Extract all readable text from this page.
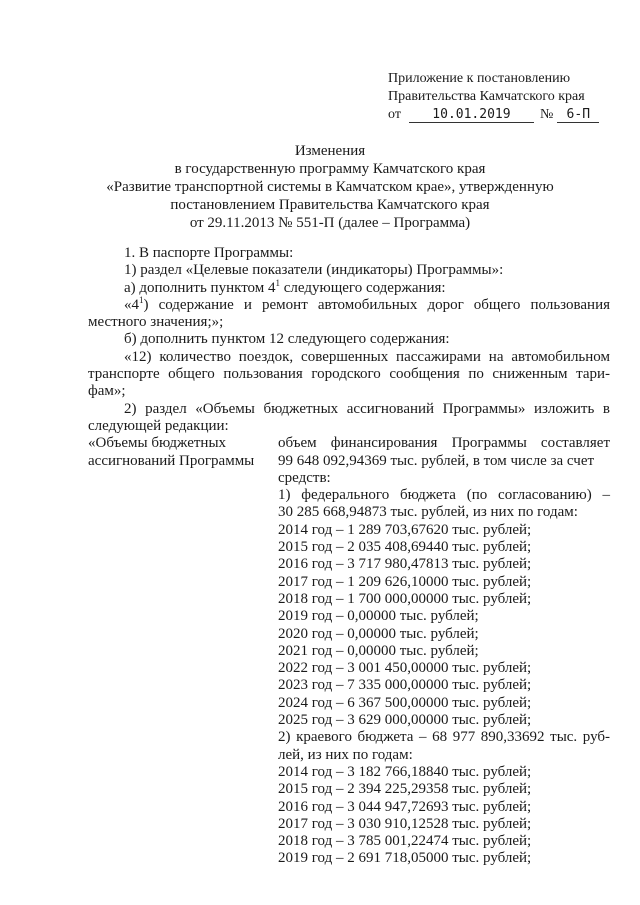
Приложение к постановлению
Правительства Камчатского края
от 10.01.2019 № 6-П
Изменения
в государственную программу Камчатского края
«Развитие транспортной системы в Камчатском крае», утвержденную
постановлением Правительства Камчатского края
от 29.11.2013 № 551-П (далее – Программа)

1. В паспорте Программы:

1) раздел «Целевые показатели (индикаторы) Программы»:

а) дополнить пунктом $4^1$ следующего содержания:

«$4^1$) содержание и ремонт автомобильных дорог общего пользования

местного значения;»;

б) дополнить пунктом 12 следующего содержания:

«12) количество поездок, совершенных пассажирами на автомобильном

транспорте общего пользования городского сообщения по сниженным тари-

фам»;

2) раздел «Объемы бюджетных ассигнований Программы» изложить в

следующей редакции:

«Объемы бюджетных
ассигнований Программы
объем финансирования Программы составляет
99 648 092,94369 тыс. рублей, в том числе за счет
средств:
1) федерального бюджета (по согласованию) –
30 285 668,94873 тыс. рублей, из них по годам:
2014 год – 1 289 703,67620 тыс. рублей;
2015 год – 2 035 408,69440 тыс. рублей;
2016 год – 3 717 980,47813 тыс. рублей;
2017 год – 1 209 626,10000 тыс. рублей;
2018 год – 1 700 000,00000 тыс. рублей;
2019 год – 0,00000 тыс. рублей;
2020 год – 0,00000 тыс. рублей;
2021 год – 0,00000 тыс. рублей;
2022 год – 3 001 450,00000 тыс. рублей;
2023 год – 7 335 000,00000 тыс. рублей;
2024 год – 6 367 500,00000 тыс. рублей;
2025 год – 3 629 000,00000 тыс. рублей;
2) краевого бюджета – 68 977 890,33692 тыс. руб-
лей, из них по годам:
2014 год – 3 182 766,18840 тыс. рублей;
2015 год – 2 394 225,29358 тыс. рублей;
2016 год – 3 044 947,72693 тыс. рублей;
2017 год – 3 030 910,12528 тыс. рублей;
2018 год – 3 785 001,22474 тыс. рублей;
2019 год – 2 691 718,05000 тыс. рублей;
